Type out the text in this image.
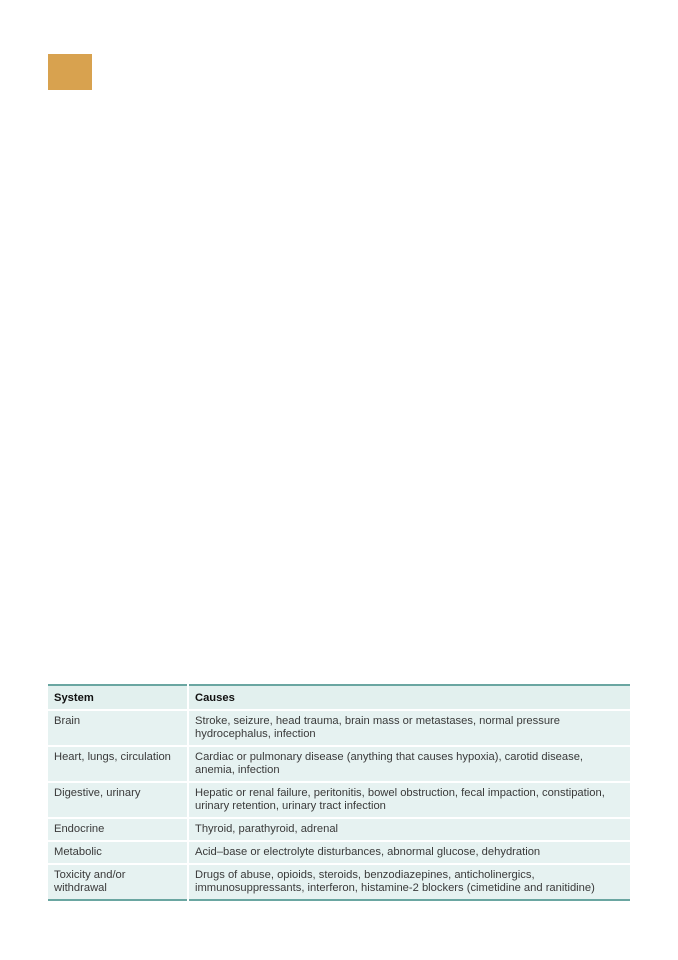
System	Causes
Brain	Stroke, seizure, head trauma, brain mass or metastases, normal pressure hydrocephalus, infection
Heart, lungs, circulation	Cardiac or pulmonary disease (anything that causes hypoxia), carotid disease, anemia, infection
Digestive, urinary	Hepatic or renal failure, peritonitis, bowel obstruction, fecal impaction, constipation, urinary retention, urinary tract infection
Endocrine	Thyroid, parathyroid, adrenal
Metabolic	Acid–base or electrolyte disturbances, abnormal glucose, dehydration
Toxicity and/or withdrawal	Drugs of abuse, opioids, steroids, benzodiazepines, anticholinergics, immunosuppressants, interferon, histamine-2 blockers (cimetidine and ranitidine)
